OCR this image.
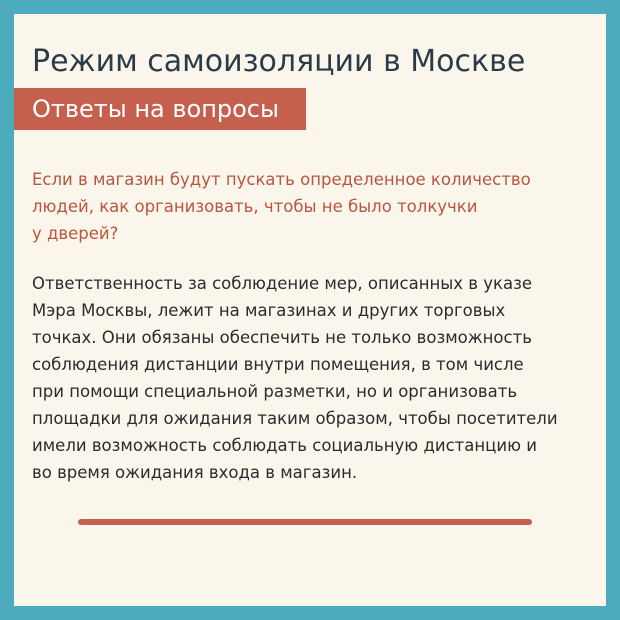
Режим самоизоляции в Москве
Ответы на вопросы

Если в магазин будут пускать определенное количество
людей, как организовать, чтобы не было толкучки
у дверей?

Ответственность за соблюдение мер, описанных в указе
Мэра Москвы, лежит на магазинах и других торговых
точках. Они обязаны обеспечить не только возможность
соблюдения дистанции внутри помещения, в том числе
при помощи специальной разметки, но и организовать
площадки для ожидания таким образом, чтобы посетители
имели возможность соблюдать социальную дистанцию и
во время ожидания входа в магазин.
